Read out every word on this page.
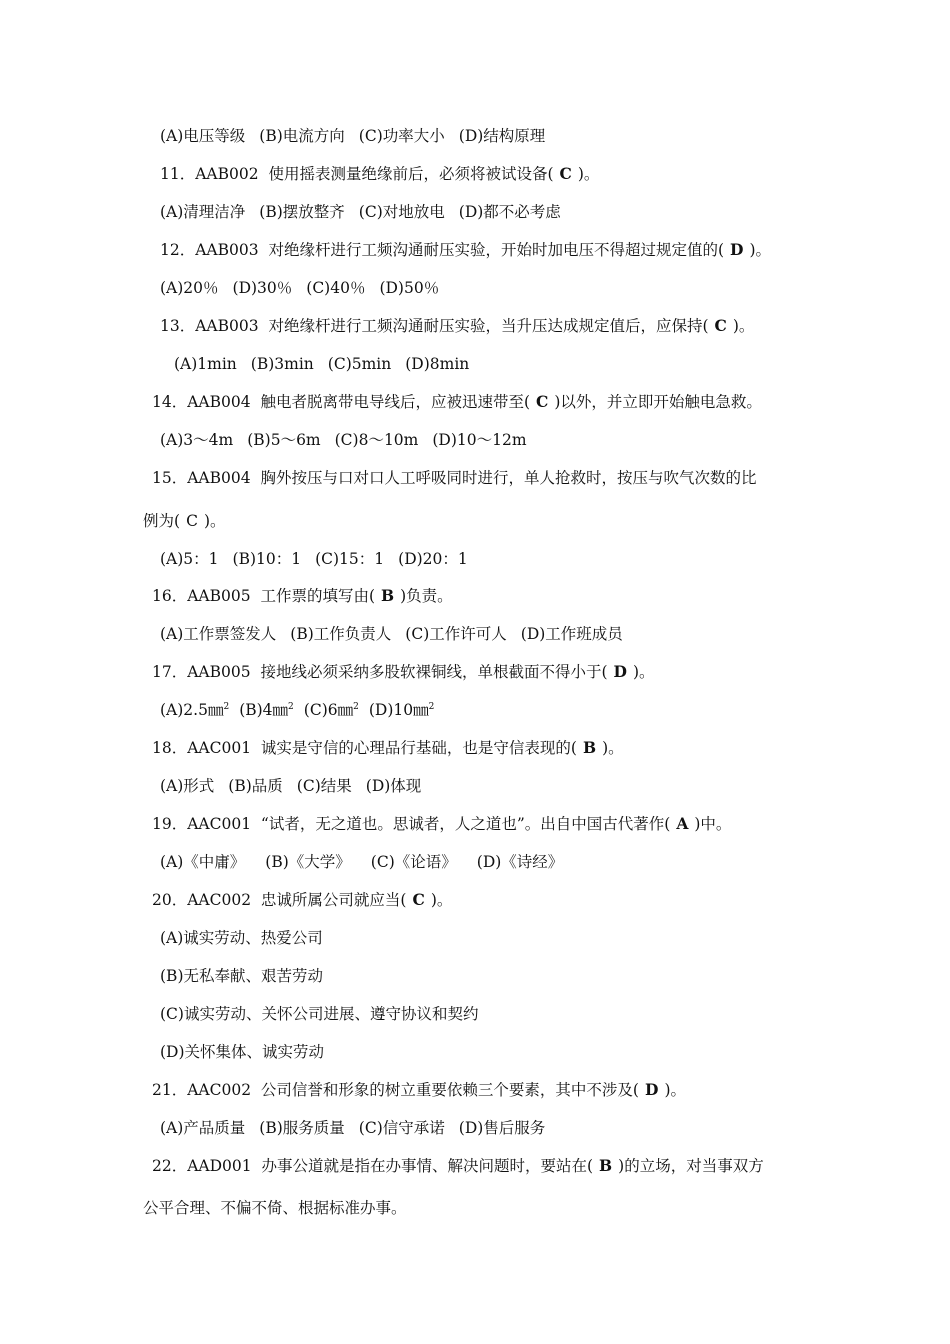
(A)电压等级 (B)电流方向 (C)功率大小 (D)结构原理
11．AAB002 使用摇表测量绝缘前后，必须将被试设备( C )。
(A)清理洁净 (B)摆放整齐 (C)对地放电 (D)都不必考虑
12．AAB003 对绝缘杆进行工频沟通耐压实验，开始时加电压不得超过规定值的( D )。
(A)20％ (D)30％ (C)40％ (D)50％
13．AAB003 对绝缘杆进行工频沟通耐压实验，当升压达成规定值后，应保持( C )。
(A)1min (B)3min (C)5min (D)8min
14．AAB004 触电者脱离带电导线后，应被迅速带至( C )以外，并立即开始触电急救。
(A)3～4m (B)5～6m (C)8～10m (D)10～12m
15．AAB004 胸外按压与口对口人工呼吸同时进行，单人抢救时，按压与吹气次数的比
例为( C )。
(A)5：1 (B)10：1 (C)15：1 (D)20：1
16．AAB005 工作票的填写由( B )负责。
(A)工作票签发人 (B)工作负责人 (C)工作许可人 (D)工作班成员
17．AAB005 接地线必须采纳多股软裸铜线，单根截面不得小于( D )。
(A)2.5㎜$^2$ (B)4㎜$^2$ (C)6㎜$^2$ (D)10㎜$^2$
18．AAC001 诚实是守信的心理品行基础，也是守信表现的( B )。
(A)形式 (B)品质 (C)结果 (D)体现
19．AAC001 “试者，无之道也。思诚者，人之道也”。出自中国古代著作( A )中。
(A)《中庸》 (B)《大学》 (C)《论语》 (D)《诗经》
20．AAC002 忠诚所属公司就应当( C )。
(A)诚实劳动、热爱公司
(B)无私奉献、艰苦劳动
(C)诚实劳动、关怀公司进展、遵守协议和契约
(D)关怀集体、诚实劳动
21．AAC002 公司信誉和形象的树立重要依赖三个要素，其中不涉及( D )。
(A)产品质量 (B)服务质量 (C)信守承诺 (D)售后服务
22．AAD001 办事公道就是指在办事情、解决问题时，要站在( B )的立场，对当事双方
公平合理、不偏不倚、根据标准办事。
